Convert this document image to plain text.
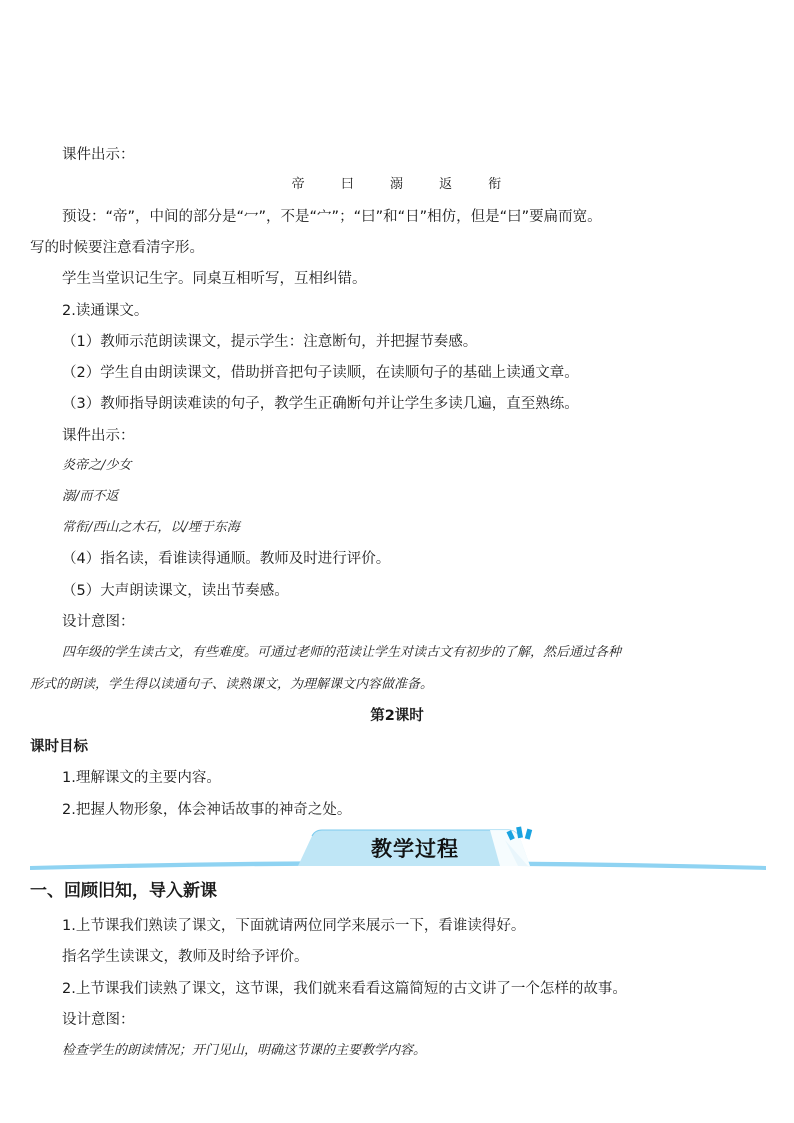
课件出示：
帝	曰	溺	返	衔
预设：“帝”，中间的部分是“冖”，不是“宀”；“曰”和“日”相仿，但是“曰”要扁而宽。
写的时候要注意看清字形。
学生当堂识记生字。同桌互相听写，互相纠错。
2.读通课文。
（1）教师示范朗读课文，提示学生：注意断句，并把握节奏感。
（2）学生自由朗读课文，借助拼音把句子读顺，在读顺句子的基础上读通文章。
（3）教师指导朗读难读的句子，教学生正确断句并让学生多读几遍，直至熟练。
课件出示：
炎帝之/少女
溺/而不返
常衔/西山之木石，以/堙于东海
（4）指名读，看谁读得通顺。教师及时进行评价。
（5）大声朗读课文，读出节奏感。
设计意图：
四年级的学生读古文，有些难度。可通过老师的范读让学生对读古文有初步的了解，然后通过各种
形式的朗读，学生得以读通句子、读熟课文，为理解课文内容做准备。
第2课时
课时目标
1.理解课文的主要内容。
2.把握人物形象，体会神话故事的神奇之处。
教学过程
一、回顾旧知，导入新课
1.上节课我们熟读了课文，下面就请两位同学来展示一下，看谁读得好。
指名学生读课文，教师及时给予评价。
2.上节课我们读熟了课文，这节课，我们就来看看这篇简短的古文讲了一个怎样的故事。
设计意图：
检查学生的朗读情况；开门见山，明确这节课的主要教学内容。
